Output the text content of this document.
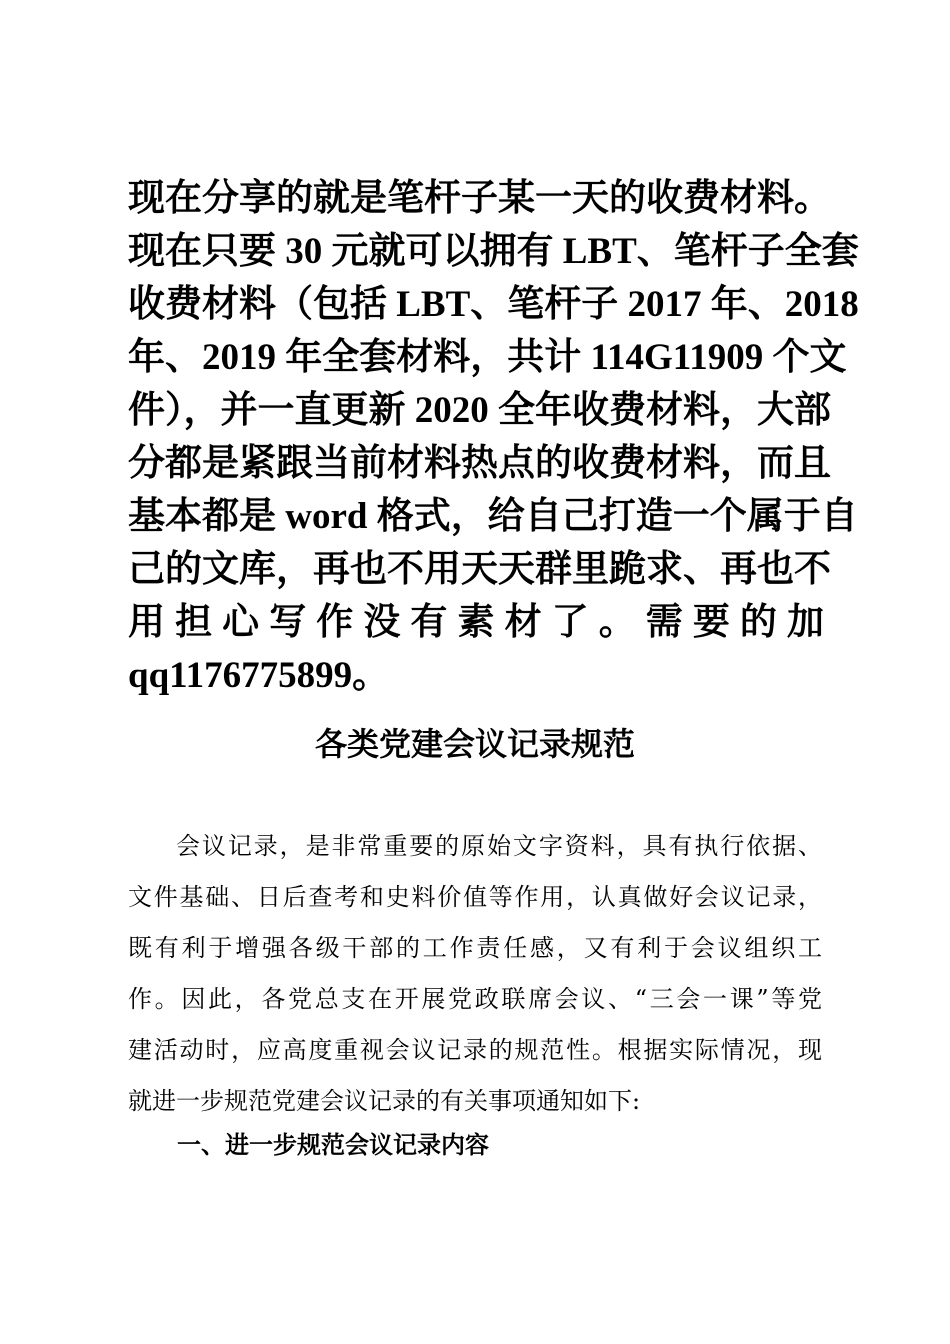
现在分享的就是笔杆子某一天的收费材料。
现在只要 30 元就可以拥有 LBT、笔杆子全套
收费材料（包括 LBT、笔杆子 2017 年、2018
年、2019 年全套材料，共计 114G11909 个文
件），并一直更新 2020 全年收费材料，大部
分都是紧跟当前材料热点的收费材料，而且
基本都是 word 格式，给自己打造一个属于自
己的文库，再也不用天天群里跪求、再也不
用担心写作没有素材了。需要的加
qq1176775899。
各类党建会议记录规范
会议记录，是非常重要的原始文字资料，具有执行依据、
文件基础、日后查考和史料价值等作用，认真做好会议记录，
既有利于增强各级干部的工作责任感，又有利于会议组织工
作。因此，各党总支在开展党政联席会议、“三会一课”等党
建活动时，应高度重视会议记录的规范性。根据实际情况，现
就进一步规范党建会议记录的有关事项通知如下:
一、进一步规范会议记录内容
